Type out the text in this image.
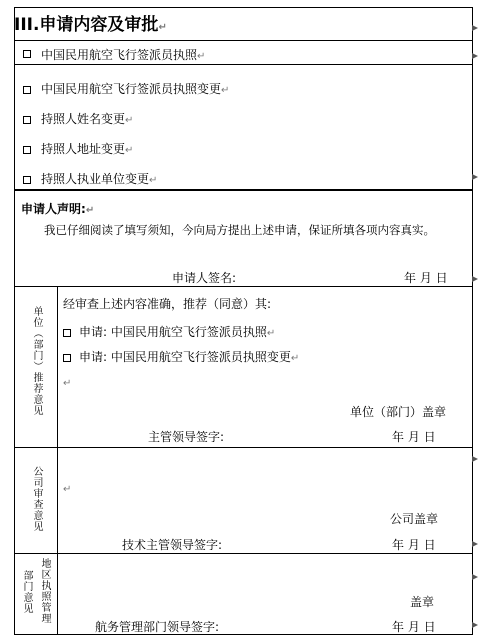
III.申请内容及审批↵
中国民用航空飞行签派员执照↵
中国民用航空飞行签派员执照变更↵
持照人姓名变更↵
持照人地址变更↵
持照人执业单位变更↵
申请人声明:↵
我已仔细阅读了填写须知，今向局方提出上述申请，保证所填各项内容真实。
申请人签名:	年 月 日
单位（部门）推荐意见
经审查上述内容准确，推荐（同意）其:
申请: 中国民用航空飞行签派员执照↵
申请: 中国民用航空飞行签派员执照变更↵
↵
单位（部门）盖章
主管领导签字:	年 月 日
公司审查意见 ↵
公司盖章
技术主管领导签字:	年 月 日
地区执照管理
部门意见	盖章
航务管理部门领导签字:	年 月 日
